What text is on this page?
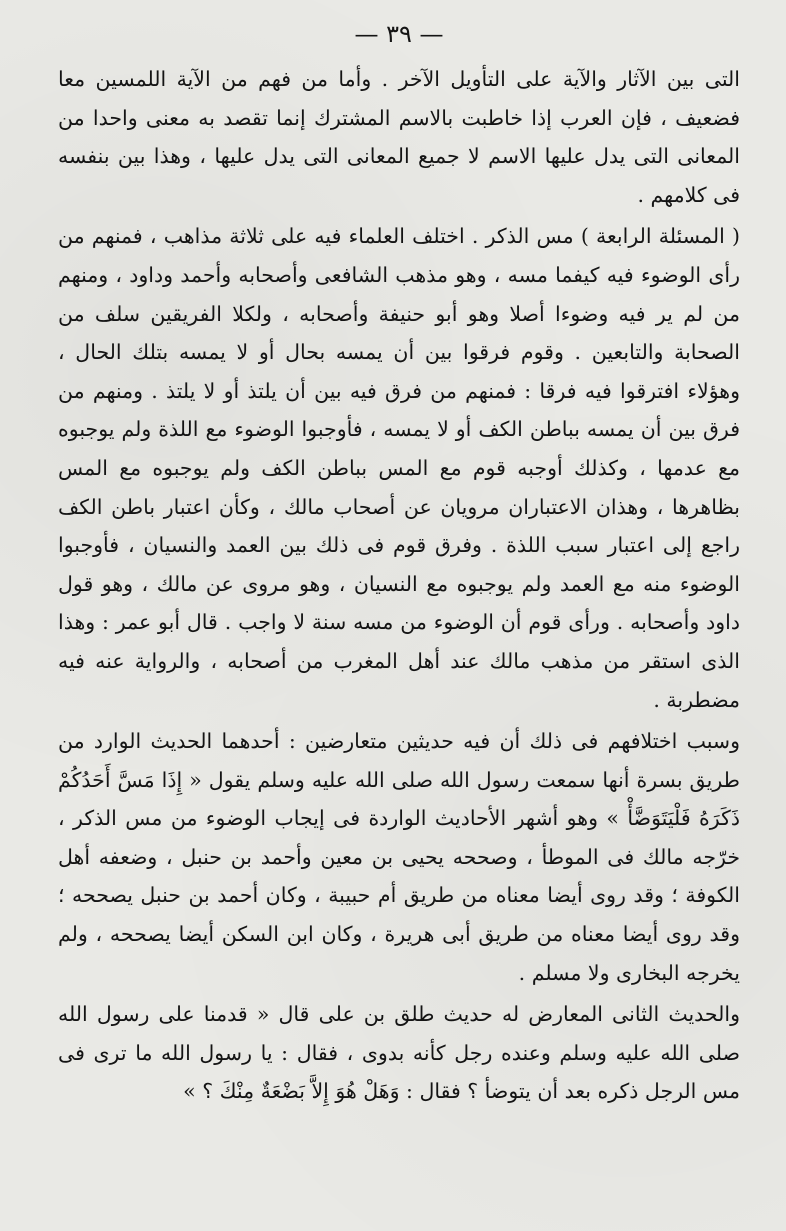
— ٣٩ —

التى بين الآثار والآية على التأويل الآخر . وأما من فهم من الآية اللمسين معا فضعيف ، فإن العرب إذا خاطبت بالاسم المشترك إنما تقصد به معنى واحدا من المعانى التى يدل عليها الاسم لا جميع المعانى التى يدل عليها ، وهذا بين بنفسه فى كلامهم .

( المسئلة الرابعة ) مس الذكر . اختلف العلماء فيه على ثلاثة مذاهب ، فمنهم من رأى الوضوء فيه كيفما مسه ، وهو مذهب الشافعى وأصحابه وأحمد وداود ، ومنهم من لم ير فيه وضوءا أصلا وهو أبو حنيفة وأصحابه ، ولكلا الفريقين سلف من الصحابة والتابعين . وقوم فرقوا بين أن يمسه بحال أو لا يمسه بتلك الحال ، وهؤلاء افترقوا فيه فرقا : فمنهم من فرق فيه بين أن يلتذ أو لا يلتذ . ومنهم من فرق بين أن يمسه بباطن الكف أو لا يمسه ، فأوجبوا الوضوء مع اللذة ولم يوجبوه مع عدمها ، وكذلك أوجبه قوم مع المس بباطن الكف ولم يوجبوه مع المس بظاهرها ، وهذان الاعتباران مرويان عن أصحاب مالك ، وكأن اعتبار باطن الكف راجع إلى اعتبار سبب اللذة . وفرق قوم فى ذلك بين العمد والنسيان ، فأوجبوا الوضوء منه مع العمد ولم يوجبوه مع النسيان ، وهو مروى عن مالك ، وهو قول داود وأصحابه . ورأى قوم أن الوضوء من مسه سنة لا واجب . قال أبو عمر : وهذا الذى استقر من مذهب مالك عند أهل المغرب من أصحابه ، والرواية عنه فيه مضطربة .

وسبب اختلافهم فى ذلك أن فيه حديثين متعارضين : أحدهما الحديث الوارد من طريق بسرة أنها سمعت رسول الله صلى الله عليه وسلم يقول « إِذَا مَسَّ أَحَدُكُمْ ذَكَرَهُ فَلْيَتَوَضَّأْ » وهو أشهر الأحاديث الواردة فى إيجاب الوضوء من مس الذكر ، خرّجه مالك فى الموطأ ، وصححه يحيى بن معين وأحمد بن حنبل ، وضعفه أهل الكوفة ؛ وقد روى أيضا معناه من طريق أم حبيبة ، وكان أحمد بن حنبل يصححه ؛ وقد روى أيضا معناه من طريق أبى هريرة ، وكان ابن السكن أيضا يصححه ، ولم يخرجه البخارى ولا مسلم .

والحديث الثانى المعارض له حديث طلق بن على قال « قدمنا على رسول الله صلى الله عليه وسلم وعنده رجل كأنه بدوى ، فقال : يا رسول الله ما ترى فى مس الرجل ذكره بعد أن يتوضأ ؟ فقال : وَهَلْ هُوَ إِلاَّ بَضْعَةٌ مِنْكَ ؟ »
